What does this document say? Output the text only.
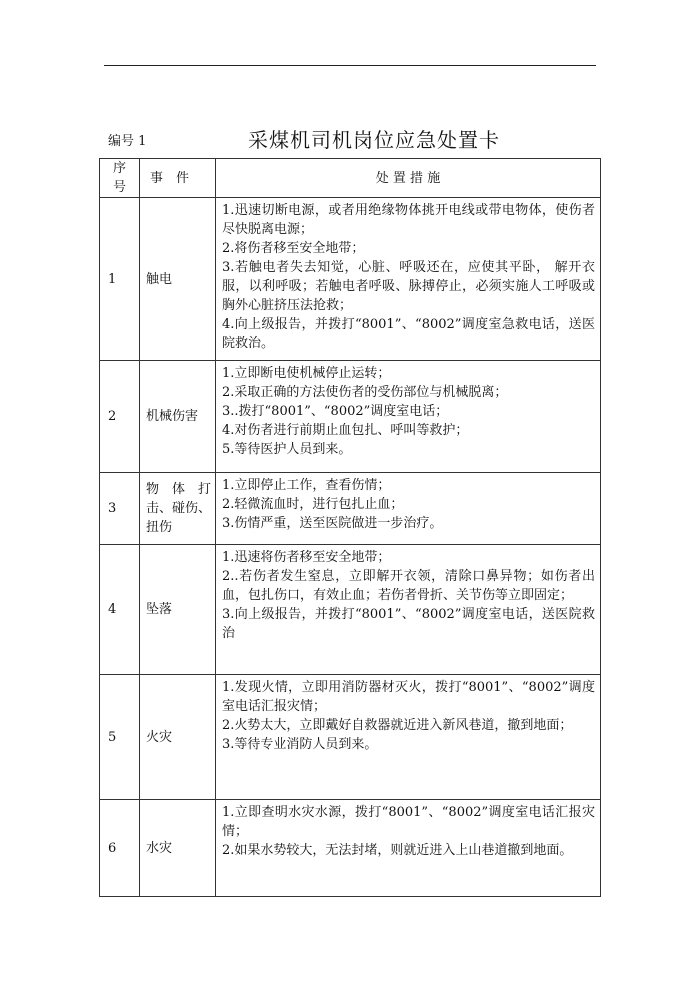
编号 1	采煤机司机岗位应急处置卡
序
号	事　件	处 置 措 施
1	触电	1.迅速切断电源，或者用绝缘物体挑开电线或带电物体，使伤者尽快脱离电源；
2.将伤者移至安全地带；
3.若触电者失去知觉，心脏、呼吸还在，应使其平卧， 解开衣服，以利呼吸；若触电者呼吸、脉搏停止，必须实施人工呼吸或胸外心脏挤压法抢救；
4.向上级报告，并拨打“8001”、“8002”调度室急救电话，送医院救治。

2	机械伤害	1.立即断电使机械停止运转；
2.采取正确的方法使伤者的受伤部位与机械脱离；
3..拨打“8001”、“8002”调度室电话；
4.对伤者进行前期止血包扎、呼叫等救护；
5.等待医护人员到来。

3	物 体 打击、碰伤、扭伤	1.立即停止工作，查看伤情；
2.轻微流血时，进行包扎止血；
3.伤情严重，送至医院做进一步治疗。

4	坠落	1.迅速将伤者移至安全地带；
2..若伤者发生窒息，立即解开衣领，清除口鼻异物；如伤者出血，包扎伤口，有效止血；若伤者骨折、关节伤等立即固定；
3.向上级报告，并拨打“8001”、“8002”调度室电话，送医院救治

5	火灾	1.发现火情，立即用消防器材灭火，拨打“8001”、“8002”调度室电话汇报灾情；
2.火势太大，立即戴好自救器就近进入新风巷道，撤到地面；
3.等待专业消防人员到来。

6	水灾	1.立即查明水灾水源，拨打“8001”、“8002”调度室电话汇报灾情；
2.如果水势较大，无法封堵，则就近进入上山巷道撤到地面。
